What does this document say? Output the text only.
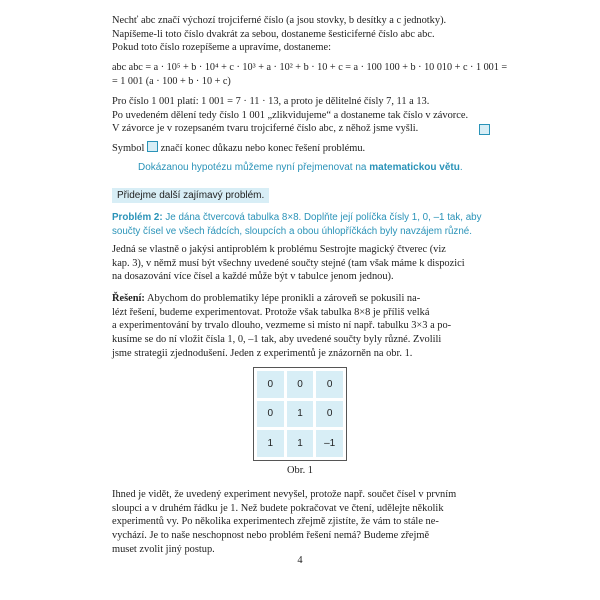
Nechť abc značí výchozí trojciferné číslo (a jsou stovky, b desítky a c jednotky).

Napíšeme-li toto číslo dvakrát za sebou, dostaneme šesticiferné číslo abc abc.

Pokud toto číslo rozepíšeme a upravíme, dostaneme:

abc abc = a · 10⁵ + b · 10⁴ + c · 10³ + a · 10² + b · 10 + c = a · 100 100 + b · 10 010 + c · 1 001 =

= 1 001 (a · 100 + b · 10 + c)

Pro číslo 1 001 platí: 1 001 = 7 · 11 · 13, a proto je dělitelné čísly 7, 11 a 13.

Po uvedeném dělení tedy číslo 1 001 „zlikvidujeme“ a dostaneme tak číslo v závorce.

V závorce je v rozepsaném tvaru trojciferné číslo abc, z něhož jsme vyšli.

Symbol značí konec důkazu nebo konec řešení problému.

Dokázanou hypotézu můžeme nyní přejmenovat na matematickou větu.

Přidejme další zajímavý problém.

Problém 2: Je dána čtvercová tabulka 8×8. Doplňte její políčka čísly 1, 0, –1 tak, aby

součty čísel ve všech řádcích, sloupcích a obou úhlopříčkách byly navzájem různé.

Jedná se vlastně o jakýsi antiproblém k problému Sestrojte magický čtverec (viz

kap. 3), v němž musí být všechny uvedené součty stejné (tam však máme k dispozici

na dosazování více čísel a každé může být v tabulce jenom jednou).

Řešení: Abychom do problematiky lépe pronikli a zároveň se pokusili na-

lézt řešení, budeme experimentovat. Protože však tabulka 8×8 je příliš velká

a experimentování by trvalo dlouho, vezmeme si místo ní např. tabulku 3×3 a po-

kusíme se do ní vložit čísla 1, 0, –1 tak, aby uvedené součty byly různé. Zvolili

jsme strategii zjednodušení. Jeden z experimentů je znázorněn na obr. 1.

0	0	0
0	1	0
1	1	–1
Obr. 1

Ihned je vidět, že uvedený experiment nevyšel, protože např. součet čísel v prvním

sloupci a v druhém řádku je 1. Než budete pokračovat ve čtení, udělejte několik

experimentů vy. Po několika experimentech zřejmě zjistíte, že vám to stále ne-

vychází. Je to naše neschopnost nebo problém řešení nemá? Budeme zřejmě

muset zvolit jiný postup.

4
